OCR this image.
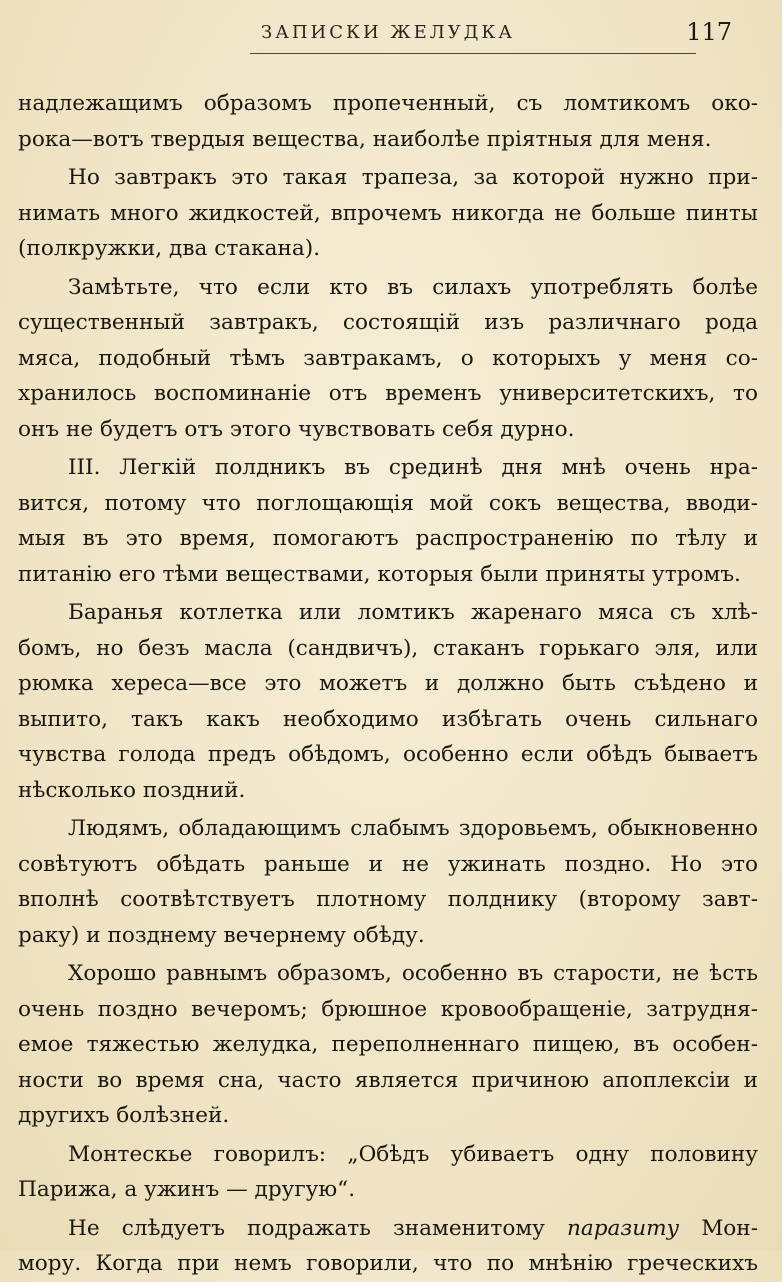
ЗАПИСКИ ЖЕЛУДКА	117
надлежащимъ образомъ пропеченный, съ ломтикомъ око-
рока—вотъ твердыя вещества, наиболѣе прiятныя для меня.
Но завтракъ это такая трапеза, за которой нужно при-
нимать много жидкостей, впрочемъ никогда не больше пинты
(полкружки, два стакана).
Замѣтьте, что если кто въ силахъ употреблять болѣе
существенный завтракъ, состоящiй изъ различнаго рода
мяса, подобный тѣмъ завтракамъ, о которыхъ у меня со-
хранилось воспоминанiе отъ временъ университетскихъ, то
онъ не будетъ отъ этого чувствовать себя дурно.
III. Легкiй полдникъ въ срединѣ дня мнѣ очень нра-
вится, потому что поглощающiя мой сокъ вещества, вводи-
мыя въ это время, помогаютъ распространенiю по тѣлу и
питанiю его тѣми веществами, которыя были приняты утромъ.
Баранья котлетка или ломтикъ жаренаго мяса съ хлѣ-
бомъ, но безъ масла (сандвичъ), стаканъ горькаго эля, или
рюмка хереса—все это можетъ и должно быть съѣдено и
выпито, такъ какъ необходимо избѣгать очень сильнаго
чувства голода предъ обѣдомъ, особенно если обѣдъ бываетъ
нѣсколько поздний.
Людямъ, обладающимъ слабымъ здоровьемъ, обыкновенно
совѣтуютъ обѣдать раньше и не ужинать поздно. Но это
вполнѣ соотвѣтствуетъ плотному полднику (второму завт-
раку) и позднему вечернему обѣду.
Хорошо равнымъ образомъ, особенно въ старости, не ѣсть
очень поздно вечеромъ; брюшное кровообращенiе, затрудня-
емое тяжестью желудка, переполненнаго пищею, въ особен-
ности во время сна, часто является причиною апоплексiи и
другихъ болѣзней.
Монтескье говорилъ: „Обѣдъ убиваетъ одну половину
Парижа, а ужинъ — другую“.
Не слѣдуетъ подражать знаменитому паразиту Мон-
мору. Когда при немъ говорили, что по мнѣнiю греческихъ
